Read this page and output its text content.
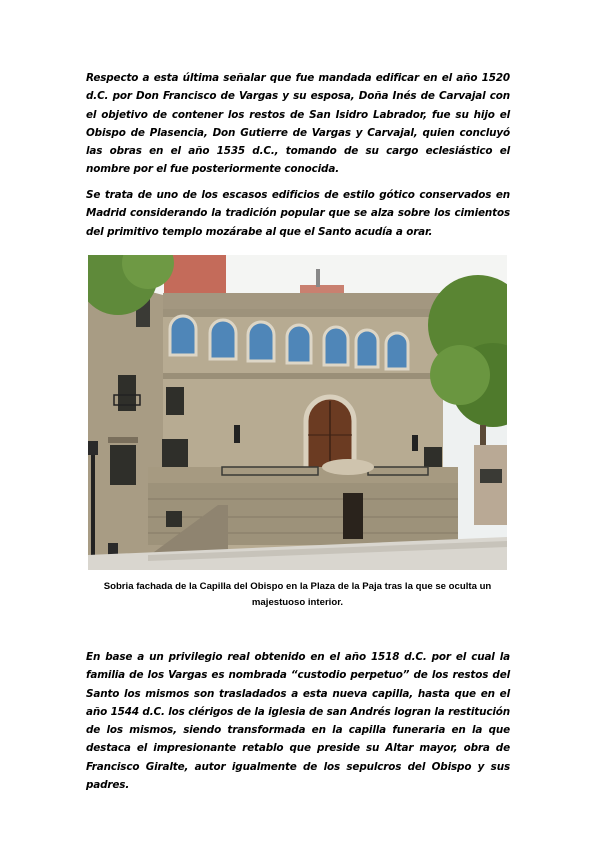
Respecto a esta última señalar que fue mandada edificar en el año 1520 d.C. por Don Francisco de Vargas y su esposa, Doña Inés de Carvajal con el objetivo de contener los restos de San Isidro Labrador, fue su hijo el Obispo de Plasencia, Don Gutierre de Vargas y Carvajal, quien concluyó las obras en el año 1535 d.C., tomando de su cargo eclesiástico el nombre por el fue posteriormente conocida.

Se trata de uno de los escasos edificios de estilo gótico conservados en Madrid considerando la tradición popular que se alza sobre los cimientos del primitivo templo mozárabe al que el Santo acudía a orar.

Sobria fachada de la Capilla del Obispo en la Plaza de la Paja tras la que se oculta un majestuoso interior.

En base a un privilegio real obtenido en el año 1518 d.C. por el cual la familia de los Vargas es nombrada “custodio perpetuo” de los restos del Santo los mismos son trasladados a esta nueva capilla, hasta que en el año 1544 d.C. los clérigos de la iglesia de san Andrés logran la restitución de los mismos, siendo transformada en la capilla funeraria en la que destaca el impresionante retablo que preside su Altar mayor, obra de Francisco Giralte, autor igualmente de los sepulcros del Obispo y sus padres.
